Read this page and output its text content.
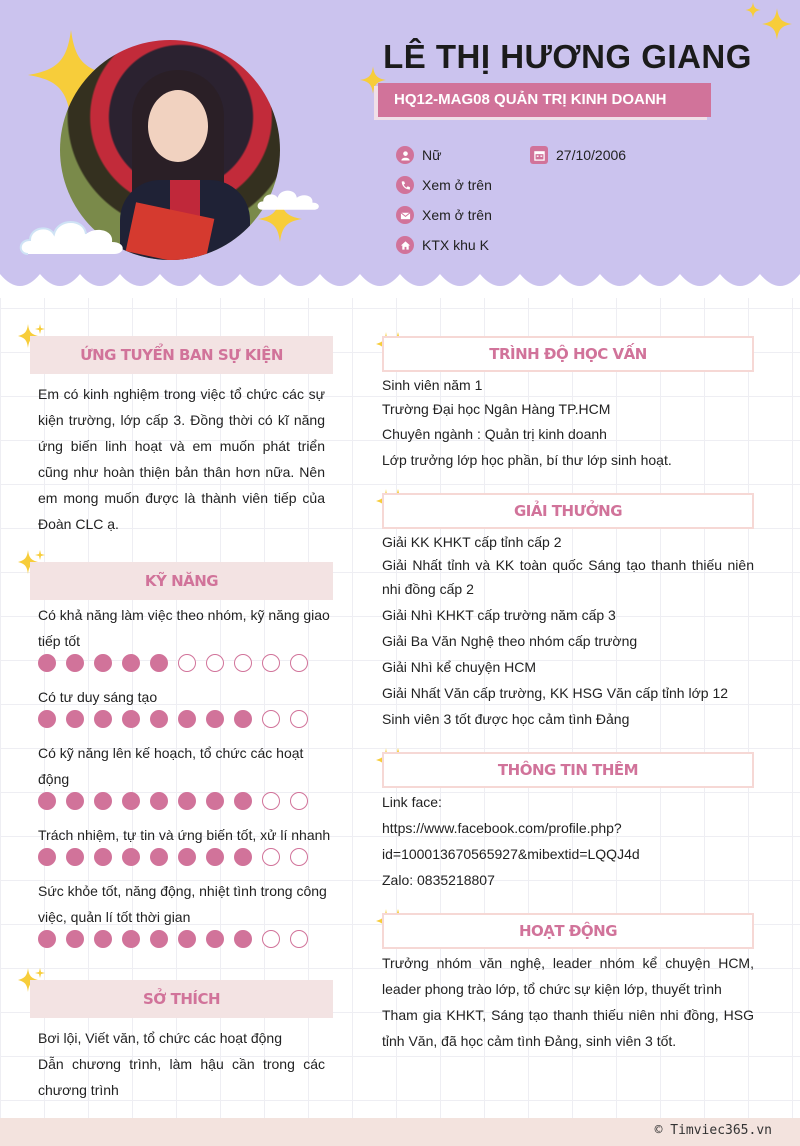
LÊ THỊ HƯƠNG GIANG
HQ12-MAG08 QUẢN TRỊ KINH DOANH
Nữ	27/10/2006
Xem ở trên
Xem ở trên
KTX khu K
ỨNG TUYỂN BAN SỰ KIỆN
Em có kinh nghiệm trong việc tổ chức các sự kiện trường, lớp cấp 3. Đồng thời có kĩ năng ứng biến linh hoạt và em muốn phát triển cũng như hoàn thiện bản thân hơn nữa. Nên em mong muốn được là thành viên tiếp của Đoàn CLC ạ.
KỸ NĂNG
Có khả năng làm việc theo nhóm, kỹ năng giao tiếp tốt
Có tư duy sáng tạo
Có kỹ năng lên kế hoạch, tổ chức các hoạt động
Trách nhiệm, tự tin và ứng biến tốt, xử lí nhanh
Sức khỏe tốt, năng động, nhiệt tình trong công việc, quản lí tốt thời gian
SỞ THÍCH
Bơi lội, Viết văn, tổ chức các hoạt động
Dẫn chương trình, làm hậu cần trong các chương trình
TRÌNH ĐỘ HỌC VẤN
Sinh viên năm 1
Trường Đại học Ngân Hàng TP.HCM
Chuyên ngành : Quản trị kinh doanh
Lớp trưởng lớp học phần, bí thư lớp sinh hoạt.
GIẢI THƯỞNG
Giải KK KHKT cấp tỉnh cấp 2
Giải Nhất tỉnh và KK toàn quốc Sáng tạo thanh thiếu niên nhi đồng cấp 2
Giải Nhì KHKT cấp trường năm cấp 3
Giải Ba Văn Nghệ theo nhóm cấp trường
Giải Nhì kể chuyện HCM
Giải Nhất Văn cấp trường, KK HSG Văn cấp tỉnh lớp 12
Sinh viên 3 tốt được học cảm tình Đảng
THÔNG TIN THÊM
Link face:
https://www.facebook.com/profile.php?
id=100013670565927&mibextid=LQQJ4d
Zalo: 0835218807
HOẠT ĐỘNG
Trưởng nhóm văn nghệ, leader nhóm kể chuyện HCM, leader phong trào lớp, tổ chức sự kiện lớp, thuyết trình
Tham gia KHKT, Sáng tạo thanh thiếu niên nhi đồng, HSG tỉnh Văn, đã học cảm tình Đảng, sinh viên 3 tốt.
© Timviec365.vn
